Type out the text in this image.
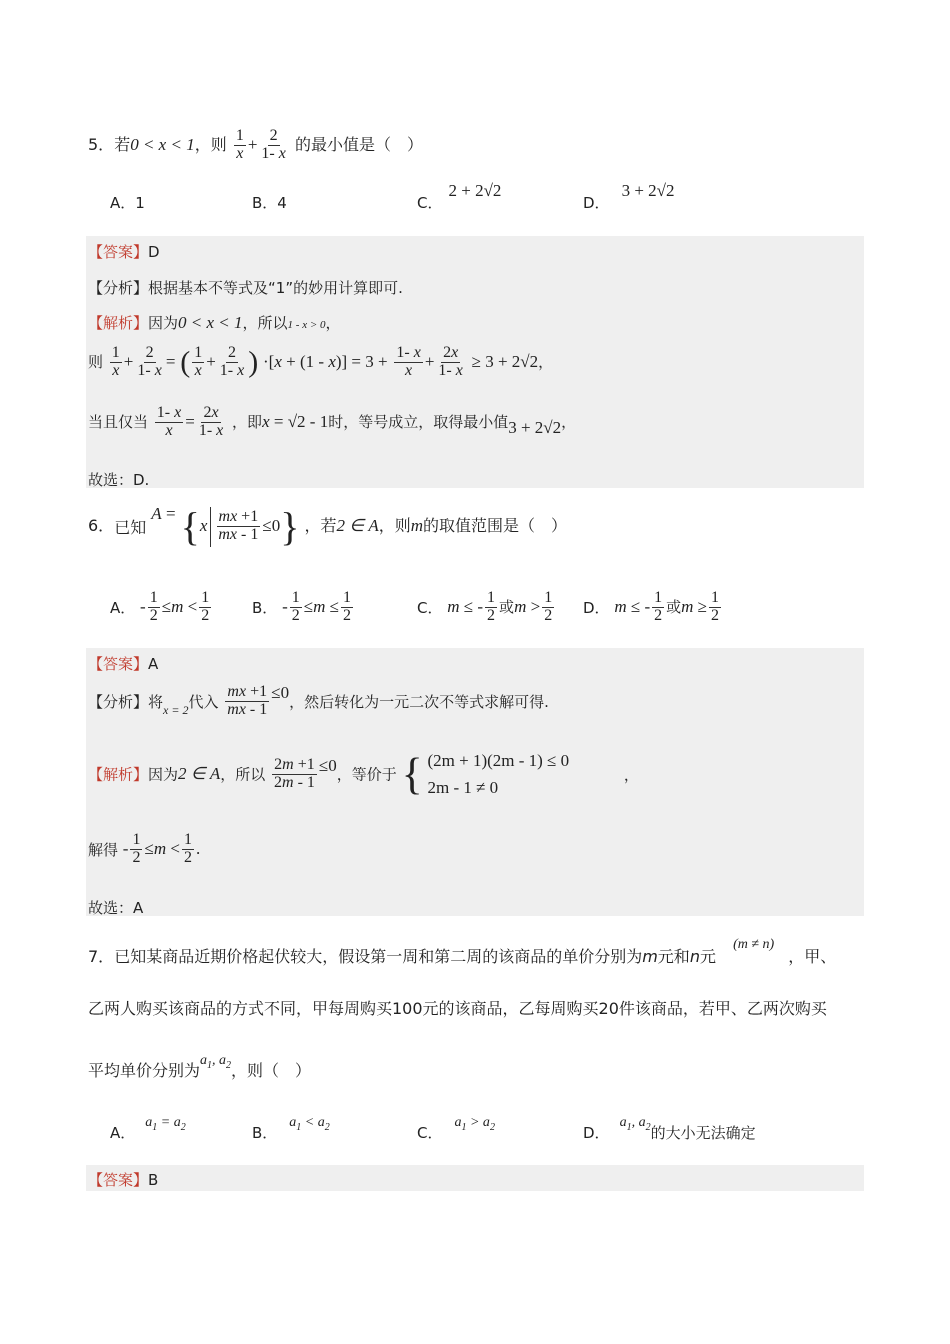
5．若0 < x < 1，则 $\frac{1}{x} + \frac{2}{1- x}$ 的最小值是（　）
A．1	B．4	C．2 + 2√2
D．3 + 2√2
【答案】D
【分析】根据基本不等式及“1”的妙用计算即可.
【解析】因为0 < x < 1，所以1 - x > 0，
则 $\frac{1}{x} + \frac{2}{1- x}$ = ( $\frac{1}{x} + \frac{2}{1- x}$ ) $\cdot[x + (1 - x)] = 3 + \frac{1- x}{x} + \frac{2x}{1- x} \ge 3 + 2√2$，
当且仅当 $\frac{1- x}{x} = \frac{2x}{1- x}$ ，即x = √2 - 1时，等号成立，取得最小值3 + 2√2，
故选：D.
6．已知 $A = \{x \frac{mx +1}{mx - 1} \le 0\}$ ，若2 ∈ A，则m的取值范围是（　）
A． - $\frac{1}{2} \le m < \frac{1}{2}$	B． - $\frac{1}{2} \le m \le \frac{1}{2}$	C． m ≤ - $\frac{1}{2}$ 或$m > \frac{1}{2}$ D． m ≤ - $\frac{1}{2}$ 或$m \ge \frac{1}{2}$
【答案】A
【分析】将$_{x = 2}$代入 $\frac{mx +1}{mx - 1} \le 0$，然后转化为一元二次不等式求解可得.
【解析】因为2 ∈ A，所以 $\frac{2m +1}{2m - 1} \le 0$，等价于 { (2m + 1)(2m - 1) ≤ 0
2m - 1 ≠ 0
，
解得 - $\frac{1}{2} \le m < \frac{1}{2}$ .
故选：A
7．已知某商品近期价格起伏较大，假设第一周和第二周的该商品的单价分别为m元和n元 (m ≠ n)，甲、
乙两人购买该商品的方式不同，甲每周购买100元的该商品，乙每周购买20件该商品，若甲、乙两次购买
平均单价分别为$a_1$, $a_2$，则（　）
A．$a_1 = a_2$	B．$a_1 < a_2$	C．$a_1 > a_2$	D．$a_1$, $a_2$的大小无法确定
【答案】B
